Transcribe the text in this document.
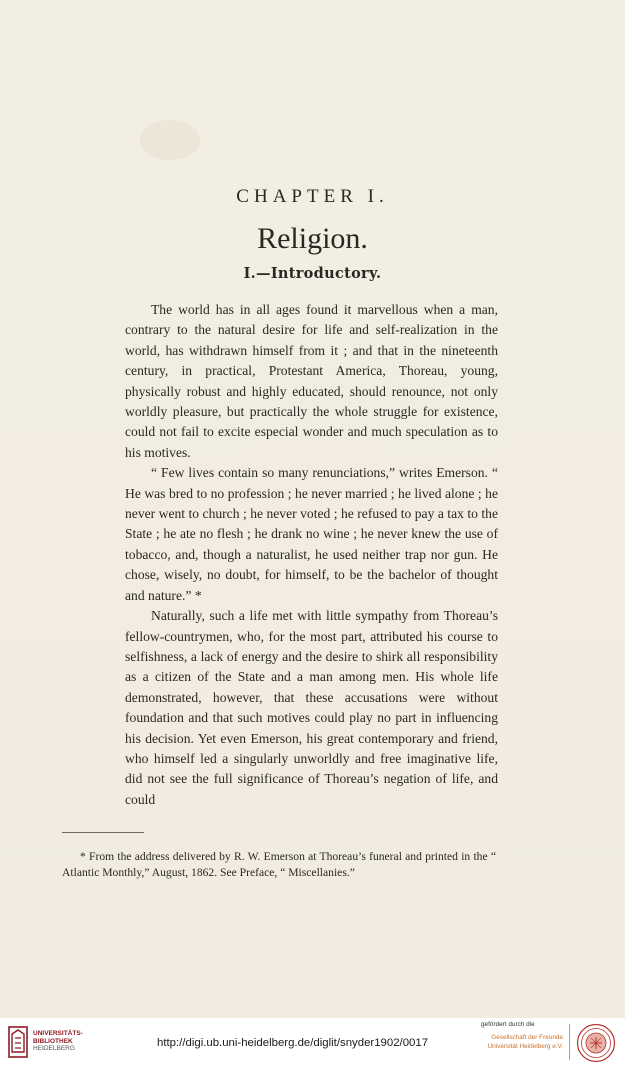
CHAPTER I.
Religion.
I.—Introductory.

The world has in all ages found it marvellous when a man, contrary to the natural desire for life and self-realization in the world, has withdrawn himself from it ; and that in the nineteenth century, in practical, Protestant America, Thoreau, young, physically robust and highly educated, should renounce, not only worldly pleasure, but practically the whole struggle for existence, could not fail to excite especial wonder and much speculation as to his motives.

“ Few lives contain so many renunciations,” writes Emerson. “ He was bred to no profession ; he never married ; he lived alone ; he never went to church ; he never voted ; he refused to pay a tax to the State ; he ate no flesh ; he drank no wine ; he never knew the use of tobacco, and, though a naturalist, he used neither trap nor gun. He chose, wisely, no doubt, for himself, to be the bachelor of thought and nature.” *

Naturally, such a life met with little sympathy from Thoreau’s fellow-countrymen, who, for the most part, attributed his course to selfishness, a lack of energy and the desire to shirk all responsibility as a citizen of the State and a man among men. His whole life demonstrated, however, that these accusations were without foundation and that such motives could play no part in influencing his decision. Yet even Emerson, his great contemporary and friend, who himself led a singularly unworldly and free imaginative life, did not see the full significance of Thoreau’s negation of life, and could

* From the address delivered by R. W. Emerson at Thoreau’s funeral and printed in the “ Atlantic Monthly,” August, 1862. See Preface, “ Miscellanies.”
UNIVERSITÄTS-
BIBLIOTHEK
HEIDELBERG	http://digi.ub.uni-heidelberg.de/diglit/snyder1902/0017
gefördert durch die
Gesellschaft der Freunde
Universität Heidelberg e.V.
